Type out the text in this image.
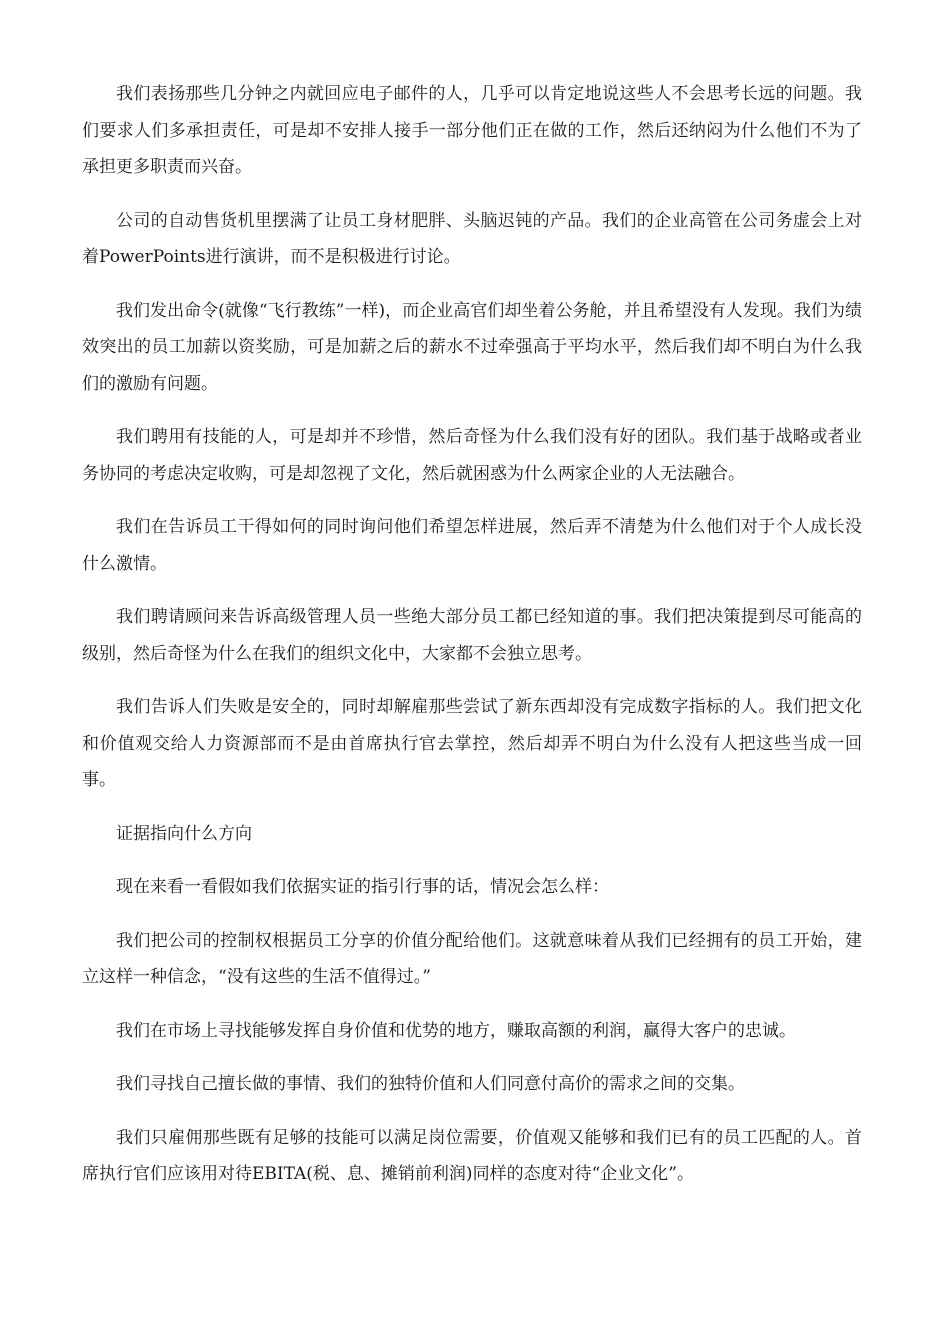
我们表扬那些几分钟之内就回应电子邮件的人，几乎可以肯定地说这些人不会思考长远的问题。我们要求人们多承担责任，可是却不安排人接手一部分他们正在做的工作，然后还纳闷为什么他们不为了承担更多职责而兴奋。

公司的自动售货机里摆满了让员工身材肥胖、头脑迟钝的产品。我们的企业高管在公司务虚会上对着PowerPoints进行演讲，而不是积极进行讨论。

我们发出命令(就像“飞行教练”一样)，而企业高官们却坐着公务舱，并且希望没有人发现。我们为绩效突出的员工加薪以资奖励，可是加薪之后的薪水不过牵强高于平均水平，然后我们却不明白为什么我们的激励有问题。

我们聘用有技能的人，可是却并不珍惜，然后奇怪为什么我们没有好的团队。我们基于战略或者业务协同的考虑决定收购，可是却忽视了文化，然后就困惑为什么两家企业的人无法融合。

我们在告诉员工干得如何的同时询问他们希望怎样进展，然后弄不清楚为什么他们对于个人成长没什么激情。

我们聘请顾问来告诉高级管理人员一些绝大部分员工都已经知道的事。我们把决策提到尽可能高的级别，然后奇怪为什么在我们的组织文化中，大家都不会独立思考。

我们告诉人们失败是安全的，同时却解雇那些尝试了新东西却没有完成数字指标的人。我们把文化和价值观交给人力资源部而不是由首席执行官去掌控，然后却弄不明白为什么没有人把这些当成一回事。

证据指向什么方向

现在来看一看假如我们依据实证的指引行事的话，情况会怎么样：

我们把公司的控制权根据员工分享的价值分配给他们。这就意味着从我们已经拥有的员工开始，建立这样一种信念，“没有这些的生活不值得过。”

我们在市场上寻找能够发挥自身价值和优势的地方，赚取高额的利润，赢得大客户的忠诚。

我们寻找自己擅长做的事情、我们的独特价值和人们同意付高价的需求之间的交集。

我们只雇佣那些既有足够的技能可以满足岗位需要，价值观又能够和我们已有的员工匹配的人。首席执行官们应该用对待EBITA(税、息、摊销前利润)同样的态度对待“企业文化”。
